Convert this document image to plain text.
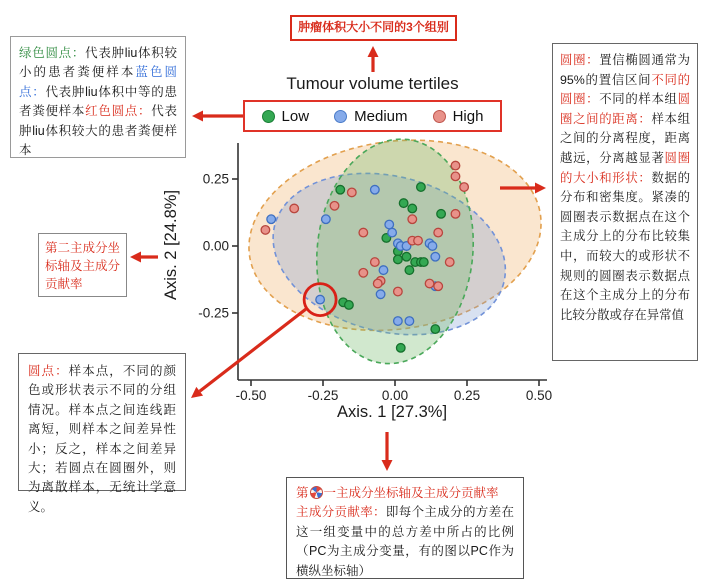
-0.50	-0.25	0.00	0.25	0.50
0.25
0.00
-0.25
Tumour volume tertiles
Low	Medium	High
肿瘤体积大小不同的3个组别
绿色圆点：代表肿liu体积较小的患者粪便样本蓝色圆点：代表肿liu体积中等的患者粪便样本红色圆点：代表肿liu体积较大的患者粪便样本
圆圈：置信椭圆通常为95%的置信区间不同的圆圈：不同的样本组圆圈之间的距离：样本组之间的分离程度，距离越远，分离越显著圆圈的大小和形状：数据的分布和密集度。紧凑的圆圈表示数据点在这个主成分上的分布比较集中，而较大的或形状不规则的圆圈表示数据点在这个主成分上的分布比较分散或存在异常值
第二主成分坐标轴及主成分贡献率
圆点：样本点，不同的颜色或形状表示不同的分组情况。样本点之间连线距离短，则样本之间差异性小；反之，样本之间差异大；若圆点在圆圈外，则为离散样本，无统计学意义。
第 一主成分坐标轴及主成分贡献率
主成分贡献率：即每个主成分的方差在这一组变量中的总方差中所占的比例（PC为主成分变量，有的图以PC作为横纵坐标轴）
Axis. 1 [27.3%]
Axis. 2 [24.8%]
